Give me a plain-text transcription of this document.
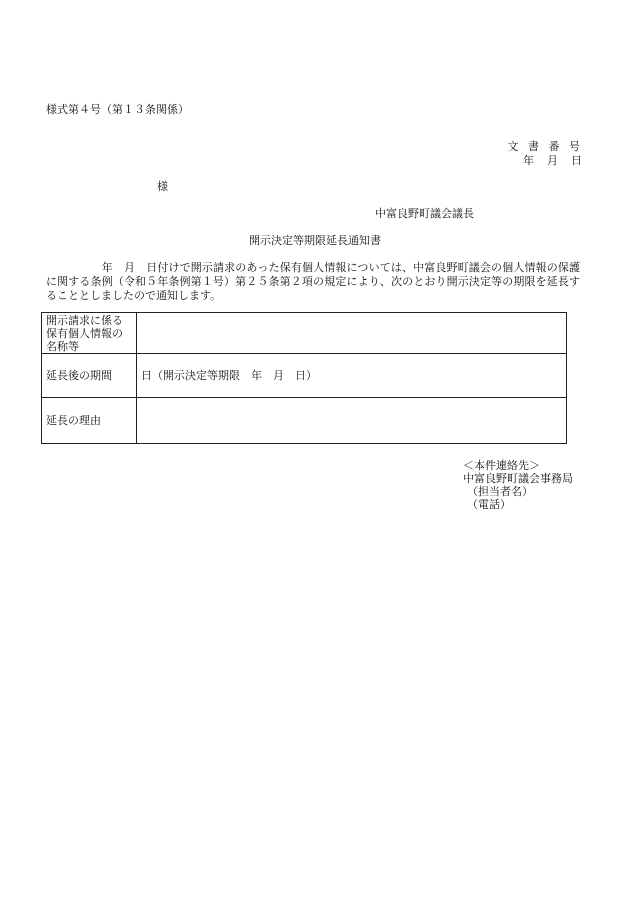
様式第４号（第１３条関係）
文 書 番 号
年　月　日
様
中富良野町議会議長
開示決定等期限延長通知書
　　　　　年　月　日付けで開示請求のあった保有個人情報については、中富良野町議会の個人情報の保護に関する条例（令和５年条例第１号）第２５条第２項の規定により、次のとおり開示決定等の期限を延長することとしましたので通知します。
開示請求に係る保有個人情報の名称等	
延長後の期間	日（開示決定等期限　年　月　日）
延長の理由	
＜本件連絡先＞
中富良野町議会事務局
（担当者名）
（電話）
